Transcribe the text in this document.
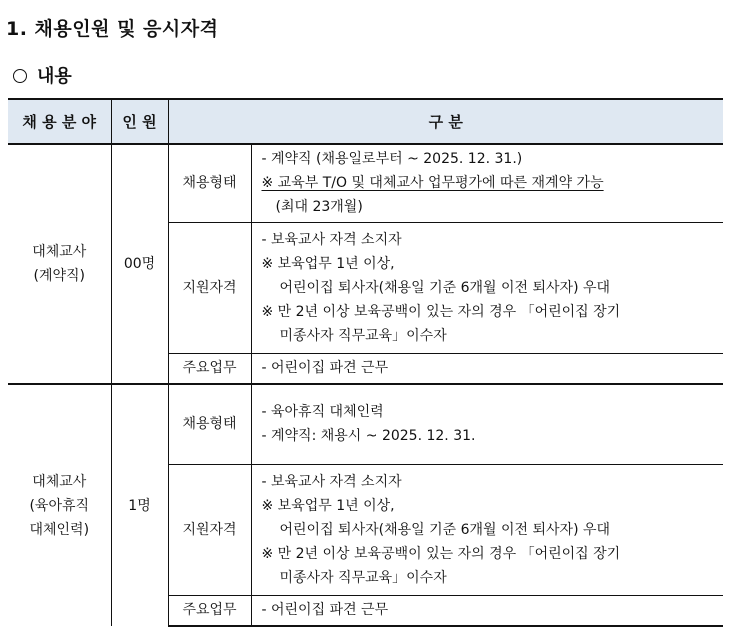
1. 채용인원 및 응시자격
내용
채 용 분 야	인 원	구 분	

대체교사
(계약직)	00명	채용형태	- 계약직 (채용일로부터 ~ 2025. 12. 31.)
※ 교육부 T/O 및 대체교사 업무평가에 따른 재계약 가능
(최대 23개월)

		지원자격	- 보육교사 자격 소지자
※ 보육업무 1년 이상,
어린이집 퇴사자(채용일 기준 6개월 이전 퇴사자) 우대
※ 만 2년 이상 보육공백이 있는 자의 경우 「어린이집 장기
미종사자 직무교육」이수자

		주요업무	- 어린이집 파견 근무

대체교사
(육아휴직
대체인력)	1명	채용형태	- 육아휴직 대체인력
- 계약직: 채용시 ~ 2025. 12. 31.

		지원자격	- 보육교사 자격 소지자
※ 보육업무 1년 이상,
어린이집 퇴사자(채용일 기준 6개월 이전 퇴사자) 우대
※ 만 2년 이상 보육공백이 있는 자의 경우 「어린이집 장기
미종사자 직무교육」이수자

		주요업무	- 어린이집 파견 근무
